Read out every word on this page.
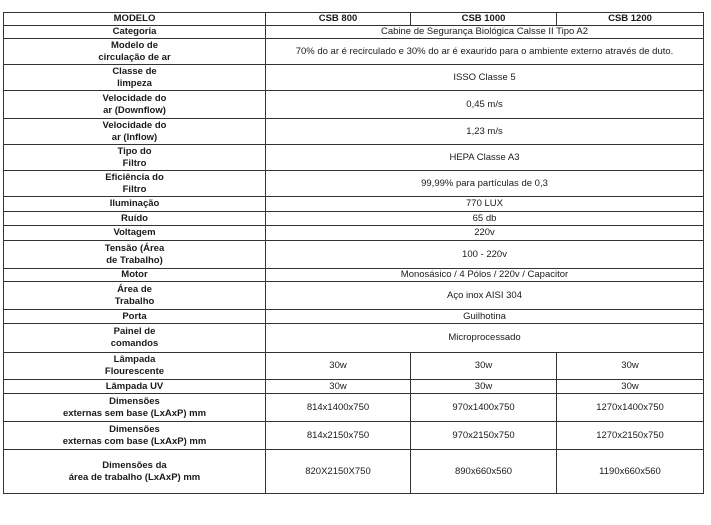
MODELO	CSB 800	CSB 1000	CSB 1200
Categoria	Cabine de Segurança Biológica Calsse II Tipo A2		
Modelo de
circulação de ar	70% do ar é recirculado e 30% do ar é exaurido para o ambiente externo através de duto.		
Classe de
limpeza	ISSO Classe 5		
Velocidade do
ar (Downflow)	0,45 m/s		
Velocidade do
ar (Inflow)	1,23 m/s		
Tipo do
Filtro	HEPA Classe A3		
Eficiência do
Filtro	99,99% para partículas de 0,3		
Iluminação	770 LUX		
Ruído	65 db		
Voltagem	220v		
Tensão (Área
de Trabalho)	100 - 220v		
Motor	Monosásico / 4 Pólos / 220v / Capacitor		
Área de
Trabalho	Aço inox AISI 304		
Porta	Guilhotina		
Painel de
comandos	Microprocessado		
Lâmpada
Flourescente	30w	30w	30w
Lâmpada UV	30w	30w	30w
Dimensões
externas sem base (LxAxP) mm	814x1400x750	970x1400x750	1270x1400x750
Dimensões
externas com base (LxAxP) mm	814x2150x750	970x2150x750	1270x2150x750
Dimensões da
área de trabalho (LxAxP) mm	820X2150X750	890x660x560	1190x660x560
